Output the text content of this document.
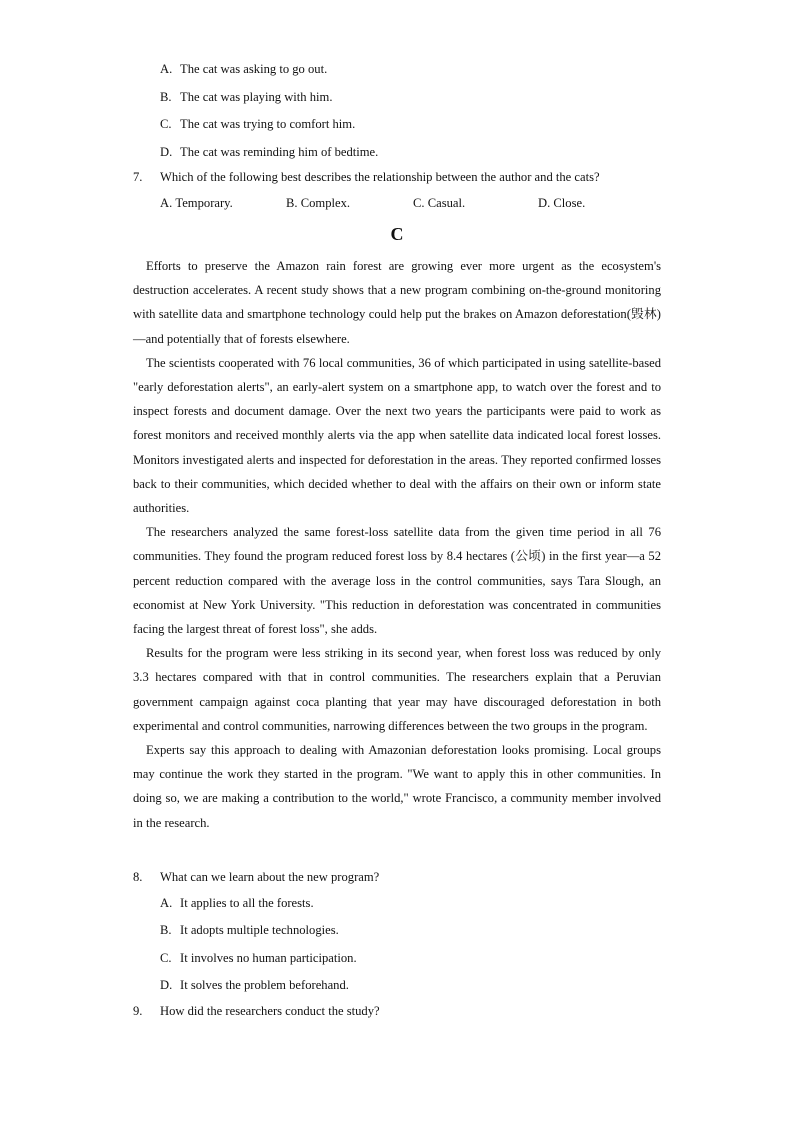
A. The cat was asking to go out.
B. The cat was playing with him.
C. The cat was trying to comfort him.
D. The cat was reminding him of bedtime.
7. Which of the following best describes the relationship between the author and the cats?
A. Temporary.	B. Complex.	C. Casual.	D. Close.
C

Efforts to preserve the Amazon rain forest are growing ever more urgent as the ecosystem's destruction accelerates. A recent study shows that a new program combining on-the-ground monitoring with satellite data and smartphone technology could help put the brakes on Amazon deforestation(毁林)—and potentially that of forests elsewhere.

The scientists cooperated with 76 local communities, 36 of which participated in using satellite-based "early deforestation alerts", an early-alert system on a smartphone app, to watch over the forest and to inspect forests and document damage. Over the next two years the participants were paid to work as forest monitors and received monthly alerts via the app when satellite data indicated local forest losses. Monitors investigated alerts and inspected for deforestation in the areas. They reported confirmed losses back to their communities, which decided whether to deal with the affairs on their own or inform state authorities.

The researchers analyzed the same forest-loss satellite data from the given time period in all 76 communities. They found the program reduced forest loss by 8.4 hectares (公顷) in the first year—a 52 percent reduction compared with the average loss in the control communities, says Tara Slough, an economist at New York University. "This reduction in deforestation was concentrated in communities facing the largest threat of forest loss", she adds.

Results for the program were less striking in its second year, when forest loss was reduced by only 3.3 hectares compared with that in control communities. The researchers explain that a Peruvian government campaign against coca planting that year may have discouraged deforestation in both experimental and control communities, narrowing differences between the two groups in the program.

Experts say this approach to dealing with Amazonian deforestation looks promising. Local groups may continue the work they started in the program. "We want to apply this in other communities. In doing so, we are making a contribution to the world," wrote Francisco, a community member involved in the research.

8. What can we learn about the new program?
A. It applies to all the forests.
B. It adopts multiple technologies.
C. It involves no human participation.
D. It solves the problem beforehand.
9. How did the researchers conduct the study?
